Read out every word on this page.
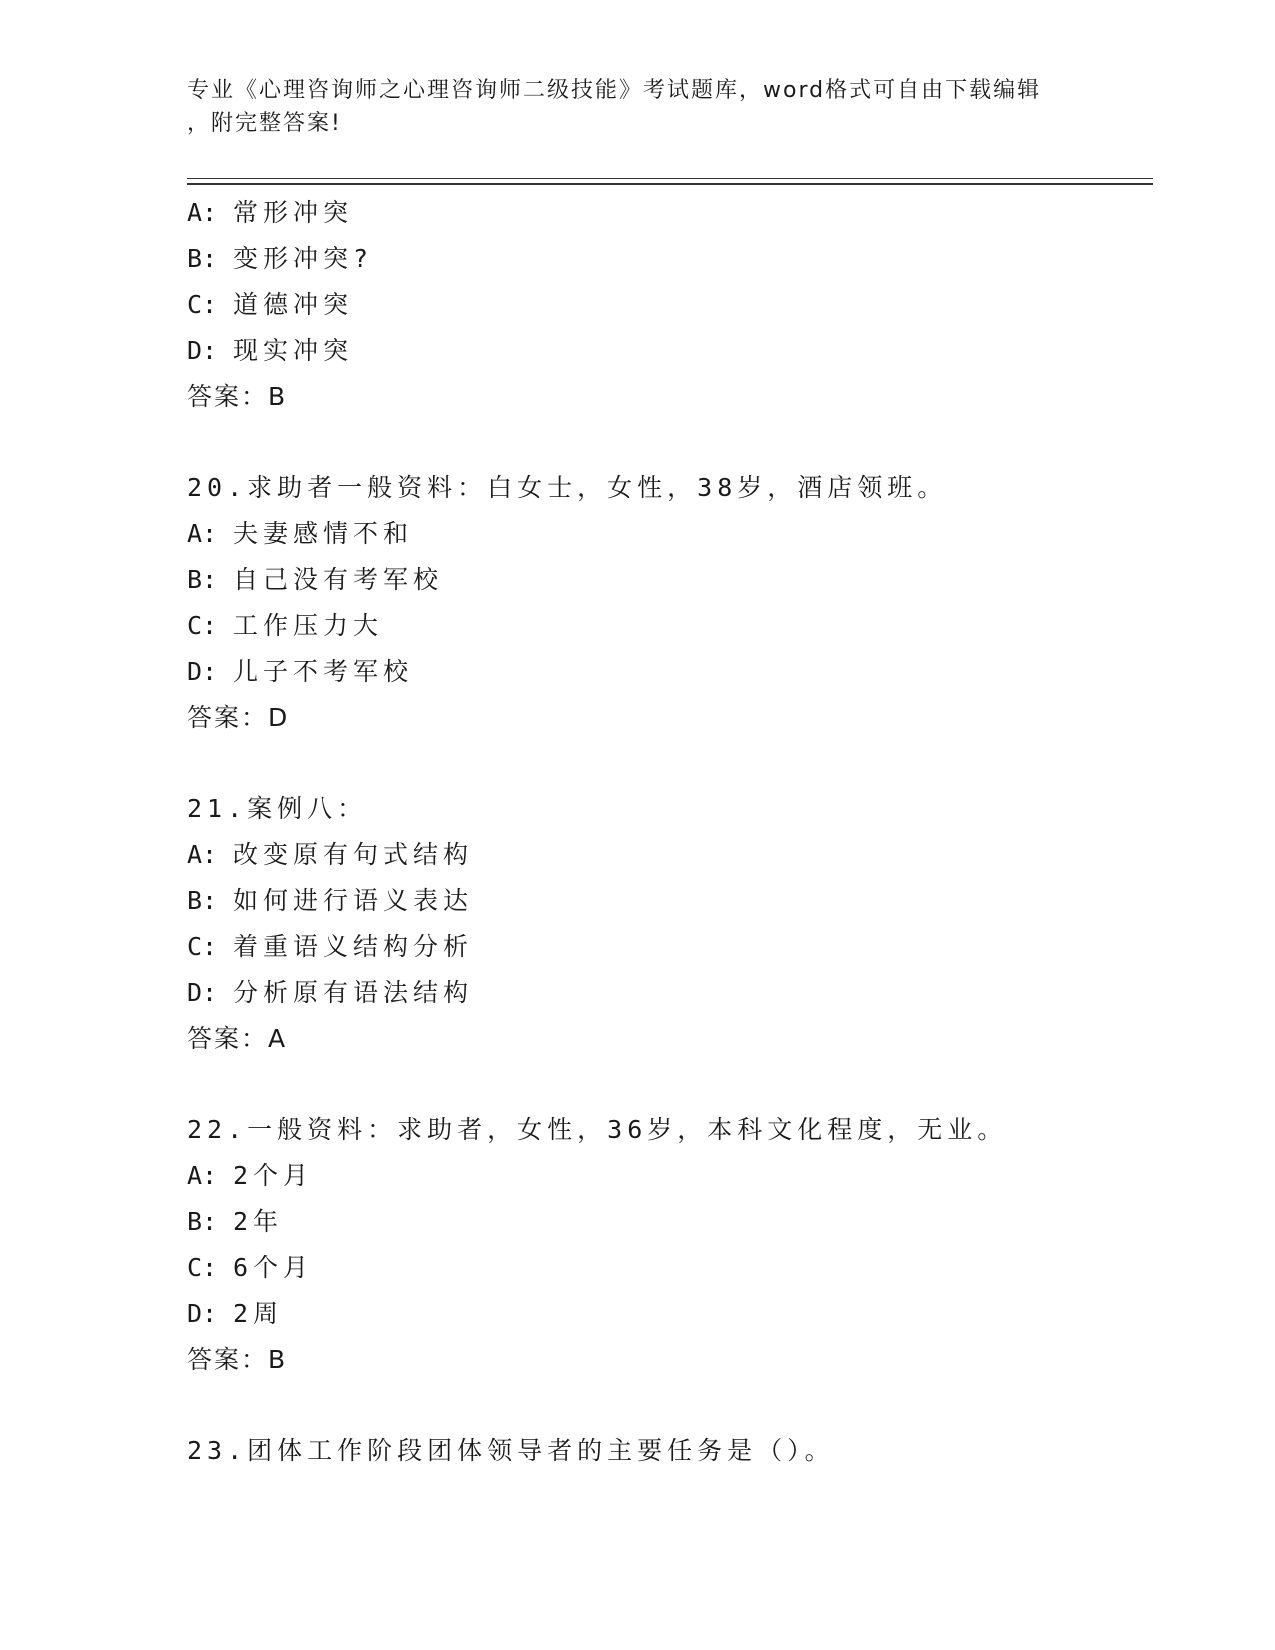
专业《心理咨询师之心理咨询师二级技能》考试题库，word格式可自由下载编辑
，附完整答案!
A: 常形冲突
B: 变形冲突?
C: 道德冲突
D: 现实冲突
答案：B
20.求助者一般资料：白女士，女性，38岁，酒店领班。
A: 夫妻感情不和
B: 自己没有考军校
C: 工作压力大
D: 儿子不考军校
答案：D
21.案例八：
A: 改变原有句式结构
B: 如何进行语义表达
C: 着重语义结构分析
D: 分析原有语法结构
答案：A
22.一般资料：求助者，女性，36岁，本科文化程度，无业。
A: 2个月
B: 2年
C: 6个月
D: 2周
答案：B
23.团体工作阶段团体领导者的主要任务是（）。
